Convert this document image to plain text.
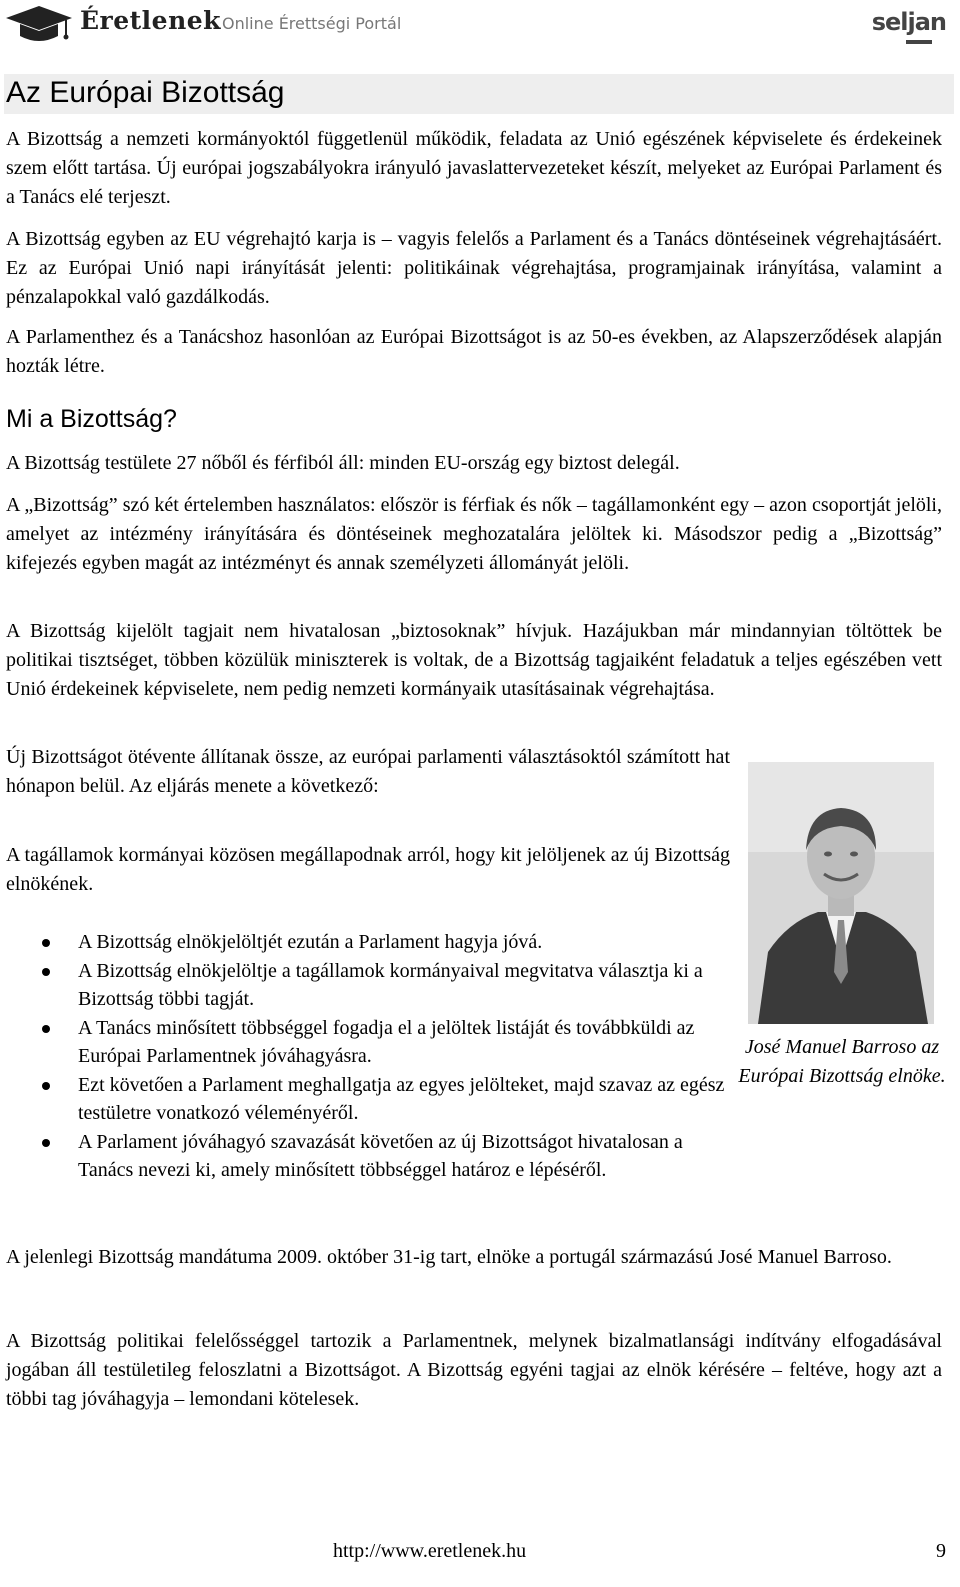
Éretlenek Online Érettségi Portál	seljan
Az Európai Bizottság

A Bizottság a nemzeti kormányoktól függetlenül működik, feladata az Unió egészének képviselete és érdekeinek szem előtt tartása. Új európai jogszabályokra irányuló javaslattervezeteket készít, melyeket az Európai Parlament és a Tanács elé terjeszt.

A Bizottság egyben az EU végrehajtó karja is – vagyis felelős a Parlament és a Tanács döntéseinek végrehajtásáért. Ez az Európai Unió napi irányítását jelenti: politikáinak végrehajtása, programjainak irányítása, valamint a pénzalapokkal való gazdálkodás.

A Parlamenthez és a Tanácshoz hasonlóan az Európai Bizottságot is az 50-es években, az Alapszerződések alapján hozták létre.

Mi a Bizottság?

A Bizottság testülete 27 nőből és férfiból áll: minden EU-ország egy biztost delegál.

A „Bizottság” szó két értelemben használatos: először is férfiak és nők – tagállamonként egy – azon csoportját jelöli, amelyet az intézmény irányítására és döntéseinek meghozatalára jelöltek ki. Másodszor pedig a „Bizottság” kifejezés egyben magát az intézményt és annak személyzeti állományát jelöli.

A Bizottság kijelölt tagjait nem hivatalosan „biztosoknak” hívjuk. Hazájukban már mindannyian töltöttek be politikai tisztséget, többen közülük miniszterek is voltak, de a Bizottság tagjaiként feladatuk a teljes egészében vett Unió érdekeinek képviselete, nem pedig nemzeti kormányaik utasításainak végrehajtása.

Új Bizottságot ötévente állítanak össze, az európai parlamenti választásoktól számított hat hónapon belül. Az eljárás menete a következő:

A tagállamok kormányai közösen megállapodnak arról, hogy kit jelöljenek az új Bizottság elnökének.

A Bizottság elnökjelöltjét ezután a Parlament hagyja jóvá.
A Bizottság elnökjelöltje a tagállamok kormányaival megvitatva választja ki a Bizottság többi tagját.
A Tanács minősített többséggel fogadja el a jelöltek listáját és továbbküldi az Európai Parlamentnek jóváhagyásra.
Ezt követően a Parlament meghallgatja az egyes jelölteket, majd szavaz az egész testületre vonatkozó véleményéről.
A Parlament jóváhagyó szavazását követően az új Bizottságot hivatalosan a Tanács nevezi ki, amely minősített többséggel határoz e lépéséről.

José Manuel Barroso az Európai Bizottság elnöke.

A jelenlegi Bizottság mandátuma 2009. október 31-ig tart, elnöke a portugál származású José Manuel Barroso.

A Bizottság politikai felelősséggel tartozik a Parlamentnek, melynek bizalmatlansági indítvány elfogadásával jogában áll testületileg feloszlatni a Bizottságot. A Bizottság egyéni tagjai az elnök kérésére – feltéve, hogy azt a többi tag jóváhagyja – lemondani kötelesek.

http://www.eretlenek.hu	9
